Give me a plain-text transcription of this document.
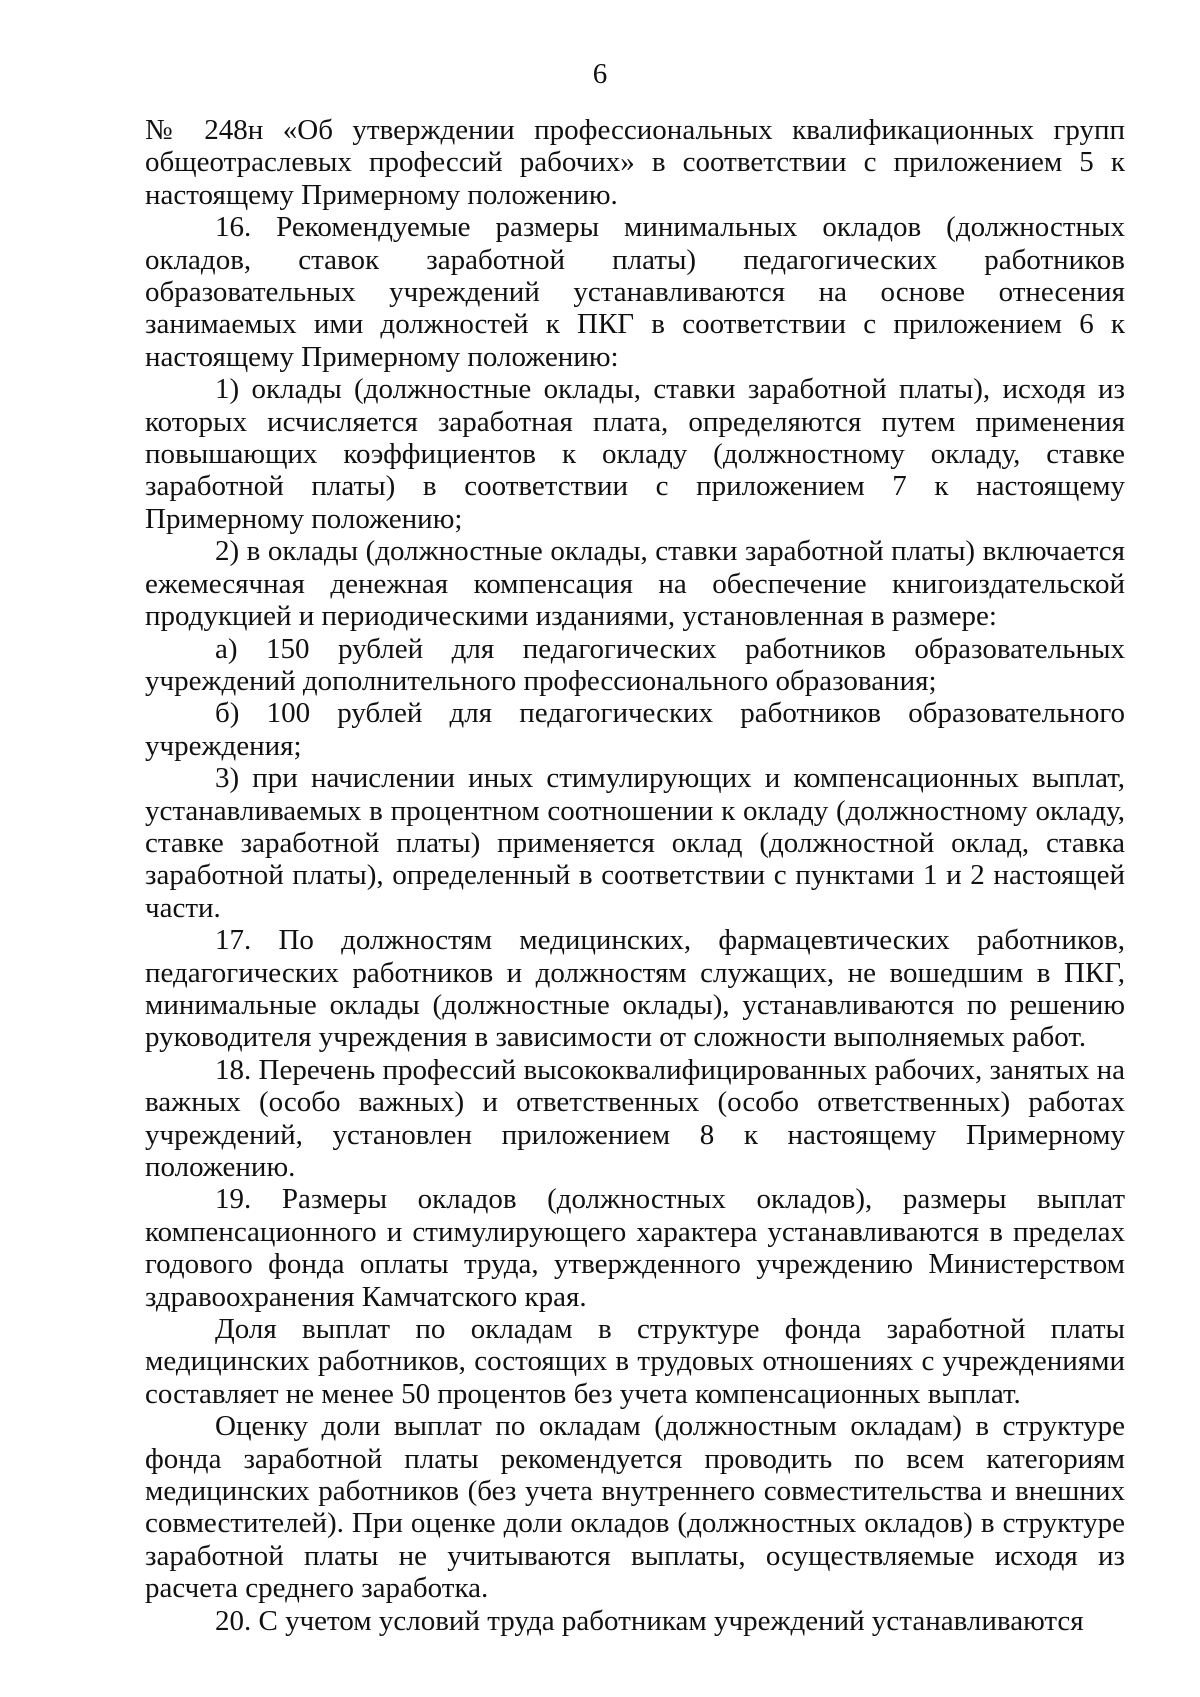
6

№ 248н «Об утверждении профессиональных квалификационных групп общеотраслевых профессий рабочих» в соответствии с приложением 5 к настоящему Примерному положению.

16. Рекомендуемые размеры минимальных окладов (должностных окладов, ставок заработной платы) педагогических работников образовательных учреждений устанавливаются на основе отнесения занимаемых ими должностей к ПКГ в соответствии с приложением 6 к настоящему Примерному положению:

1) оклады (должностные оклады, ставки заработной платы), исходя из которых исчисляется заработная плата, определяются путем применения повышающих коэффициентов к окладу (должностному окладу, ставке заработной платы) в соответствии с приложением 7 к настоящему Примерному положению;

2) в оклады (должностные оклады, ставки заработной платы) включается ежемесячная денежная компенсация на обеспечение книгоиздательской продукцией и периодическими изданиями, установленная в размере:

а) 150 рублей для педагогических работников образовательных учреждений дополнительного профессионального образования;

б) 100 рублей для педагогических работников образовательного учреждения;

3) при начислении иных стимулирующих и компенсационных выплат, устанавливаемых в процентном соотношении к окладу (должностному окладу, ставке заработной платы) применяется оклад (должностной оклад, ставка заработной платы), определенный в соответствии с пунктами 1 и 2 настоящей части.

17. По должностям медицинских, фармацевтических работников, педагогических работников и должностям служащих, не вошедшим в ПКГ, минимальные оклады (должностные оклады), устанавливаются по решению руководителя учреждения в зависимости от сложности выполняемых работ.

18. Перечень профессий высококвалифицированных рабочих, занятых на важных (особо важных) и ответственных (особо ответственных) работах учреждений, установлен приложением 8 к настоящему Примерному положению.

19. Размеры окладов (должностных окладов), размеры выплат компенсационного и стимулирующего характера устанавливаются в пределах годового фонда оплаты труда, утвержденного учреждению Министерством здравоохранения Камчатского края.

Доля выплат по окладам в структуре фонда заработной платы медицинских работников, состоящих в трудовых отношениях с учреждениями составляет не менее 50 процентов без учета компенсационных выплат.

Оценку доли выплат по окладам (должностным окладам) в структуре фонда заработной платы рекомендуется проводить по всем категориям медицинских работников (без учета внутреннего совместительства и внешних совместителей). При оценке доли окладов (должностных окладов) в структуре заработной платы не учитываются выплаты, осуществляемые исходя из расчета среднего заработка.

20. С учетом условий труда работникам учреждений устанавливаются
